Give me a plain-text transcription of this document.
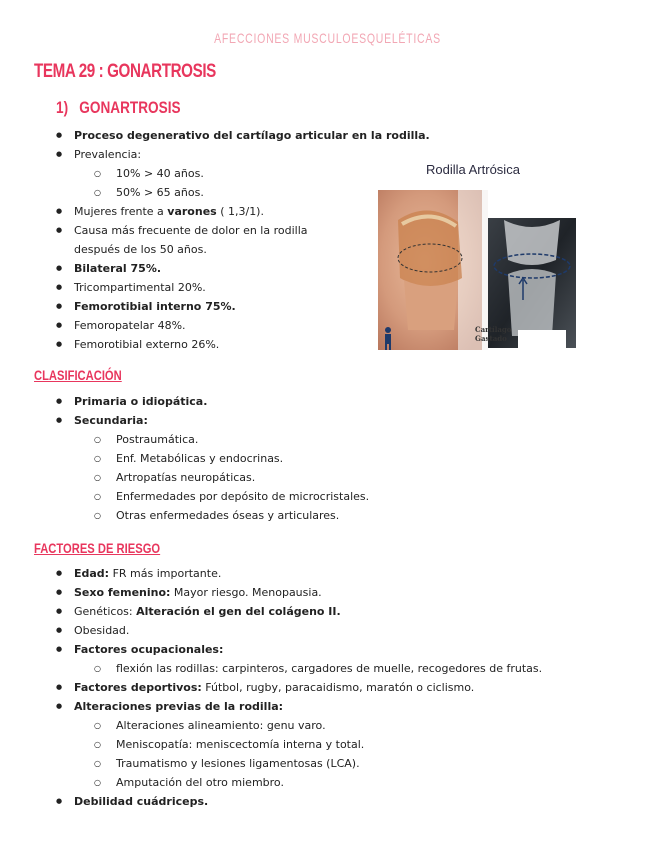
AFECCIONES MUSCULOESQUELÉTICAS
TEMA 29 : GONARTROSIS
1) GONARTROSIS
● Proceso degenerativo del cartílago articular en la rodilla.
● Prevalencia:
○ 10% > 40 años.
○ 50% > 65 años.
● Mujeres frente a varones ( 1,3/1).
● Causa más frecuente de dolor en la rodilla después de los 50 años.
● Bilateral 75%.
● Tricompartimental 20%.
● Femorotibial interno 75%.
● Femoropatelar 48%.
● Femorotibial externo 26%.
Rodilla Artrósica
Cartílago
Gastado
CLASIFICACIÓN
● Primaria o idiopática.
● Secundaria:
○ Postraumática.
○ Enf. Metabólicas y endocrinas.
○ Artropatías neuropáticas.
○ Enfermedades por depósito de microcristales.
○ Otras enfermedades óseas y articulares.
FACTORES DE RIESGO
● Edad: FR más importante.
● Sexo femenino: Mayor riesgo. Menopausia.
● Genéticos: Alteración el gen del colágeno II.
● Obesidad.
● Factores ocupacionales:
○ flexión las rodillas: carpinteros, cargadores de muelle, recogedores de frutas.
● Factores deportivos: Fútbol, rugby, paracaidismo, maratón o ciclismo.
● Alteraciones previas de la rodilla:
○ Alteraciones alineamiento: genu varo.
○ Meniscopatía: meniscectomía interna y total.
○ Traumatismo y lesiones ligamentosas (LCA).
○ Amputación del otro miembro.
● Debilidad cuádriceps.
